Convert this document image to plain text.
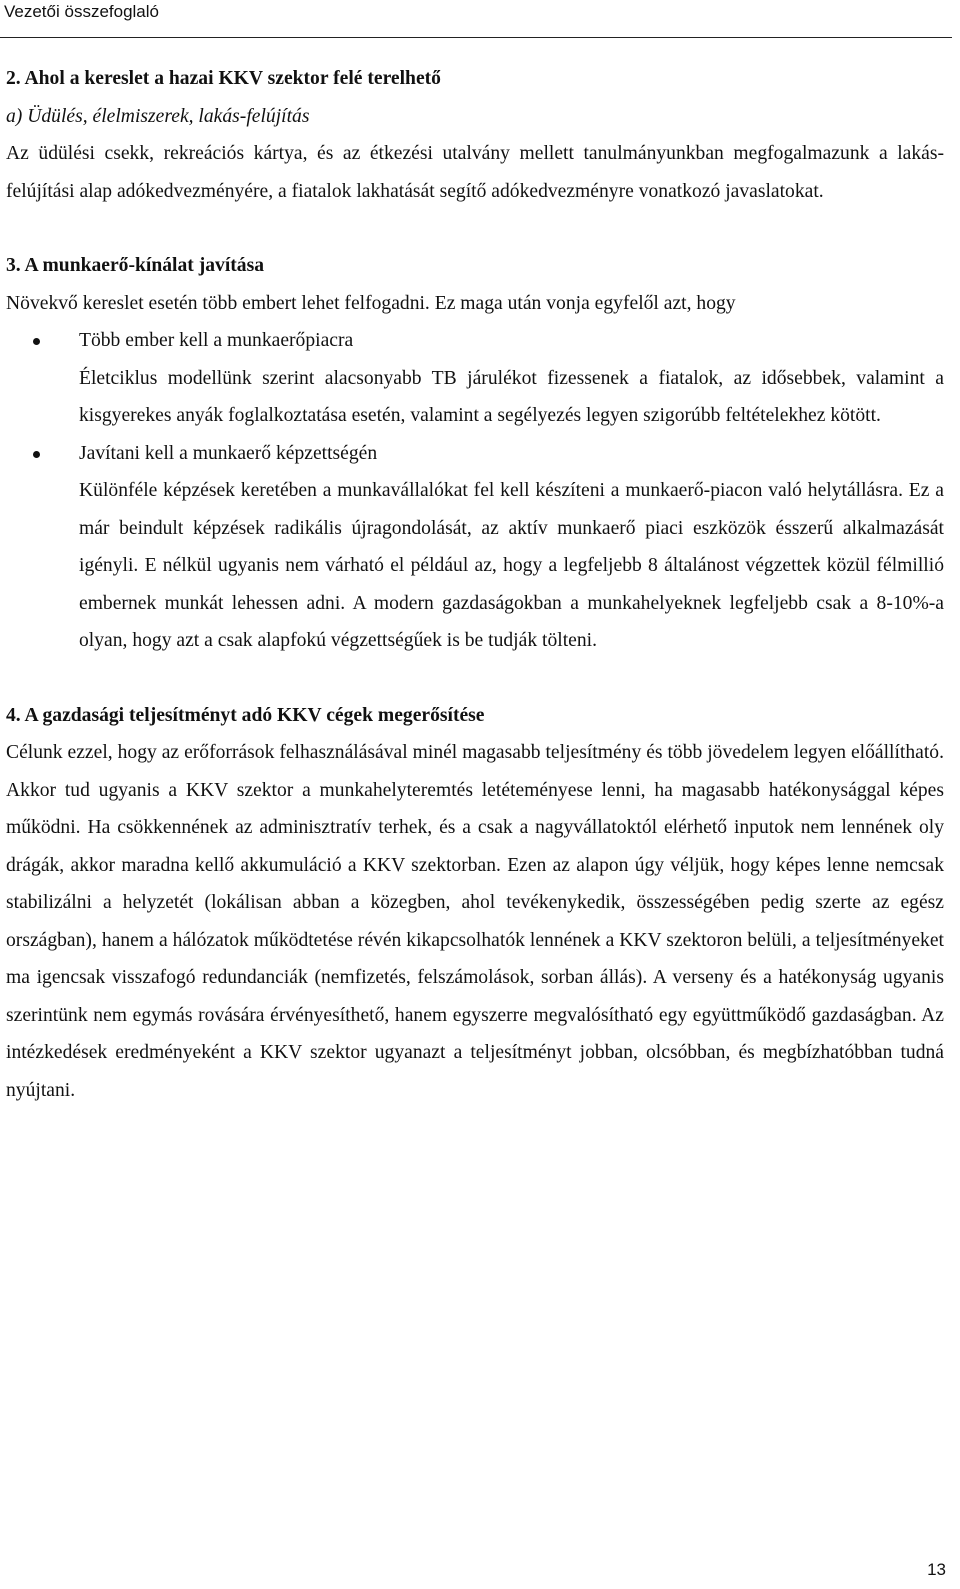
Vezetői összefoglaló

2. Ahol a kereslet a hazai KKV szektor felé terelhető

a) Üdülés, élelmiszerek, lakás-felújítás

Az üdülési csekk, rekreációs kártya, és az étkezési utalvány mellett tanulmányunkban megfogalmazunk a lakás-felújítási alap adókedvezményére, a fiatalok lakhatását segítő adókedvezményre vonatkozó javaslatokat.

3. A munkaerő-kínálat javítása

Növekvő kereslet esetén több embert lehet felfogadni. Ez maga után vonja egyfelől azt, hogy

Több ember kell a munkaerőpiacra

Életciklus modellünk szerint alacsonyabb TB járulékot fizessenek a fiatalok, az idősebbek, valamint a kisgyerekes anyák foglalkoztatása esetén, valamint a segélyezés legyen szigorúbb feltételekhez kötött.

Javítani kell a munkaerő képzettségén

Különféle képzések keretében a munkavállalókat fel kell készíteni a munkaerő-piacon való helytállásra. Ez a már beindult képzések radikális újragondolását, az aktív munkaerő piaci eszközök ésszerű alkalmazását igényli. E nélkül ugyanis nem várható el például az, hogy a legfeljebb 8 általánost végzettek közül félmillió embernek munkát lehessen adni. A modern gazdaságokban a munkahelyeknek legfeljebb csak a 8-10%-a olyan, hogy azt a csak alapfokú végzettségűek is be tudják tölteni.

4. A gazdasági teljesítményt adó KKV cégek megerősítése

Célunk ezzel, hogy az erőforrások felhasználásával minél magasabb teljesítmény és több jövedelem legyen előállítható. Akkor tud ugyanis a KKV szektor a munkahelyteremtés letéteményese lenni, ha magasabb hatékonysággal képes működni. Ha csökkennének az adminisztratív terhek, és a csak a nagyvállatoktól elérhető inputok nem lennének oly drágák, akkor maradna kellő akkumuláció a KKV szektorban. Ezen az alapon úgy véljük, hogy képes lenne nemcsak stabilizálni a helyzetét (lokálisan abban a közegben, ahol tevékenykedik, összességében pedig szerte az egész országban), hanem a hálózatok működtetése révén kikapcsolhatók lennének a KKV szektoron belüli, a teljesítményeket ma igencsak visszafogó redundanciák (nemfizetés, felszámolások, sorban állás). A verseny és a hatékonyság ugyanis szerintünk nem egymás rovására érvényesíthető, hanem egyszerre megvalósítható egy együttműködő gazdaságban. Az intézkedések eredményeként a KKV szektor ugyanazt a teljesítményt jobban, olcsóbban, és megbízhatóbban tudná nyújtani.

13
